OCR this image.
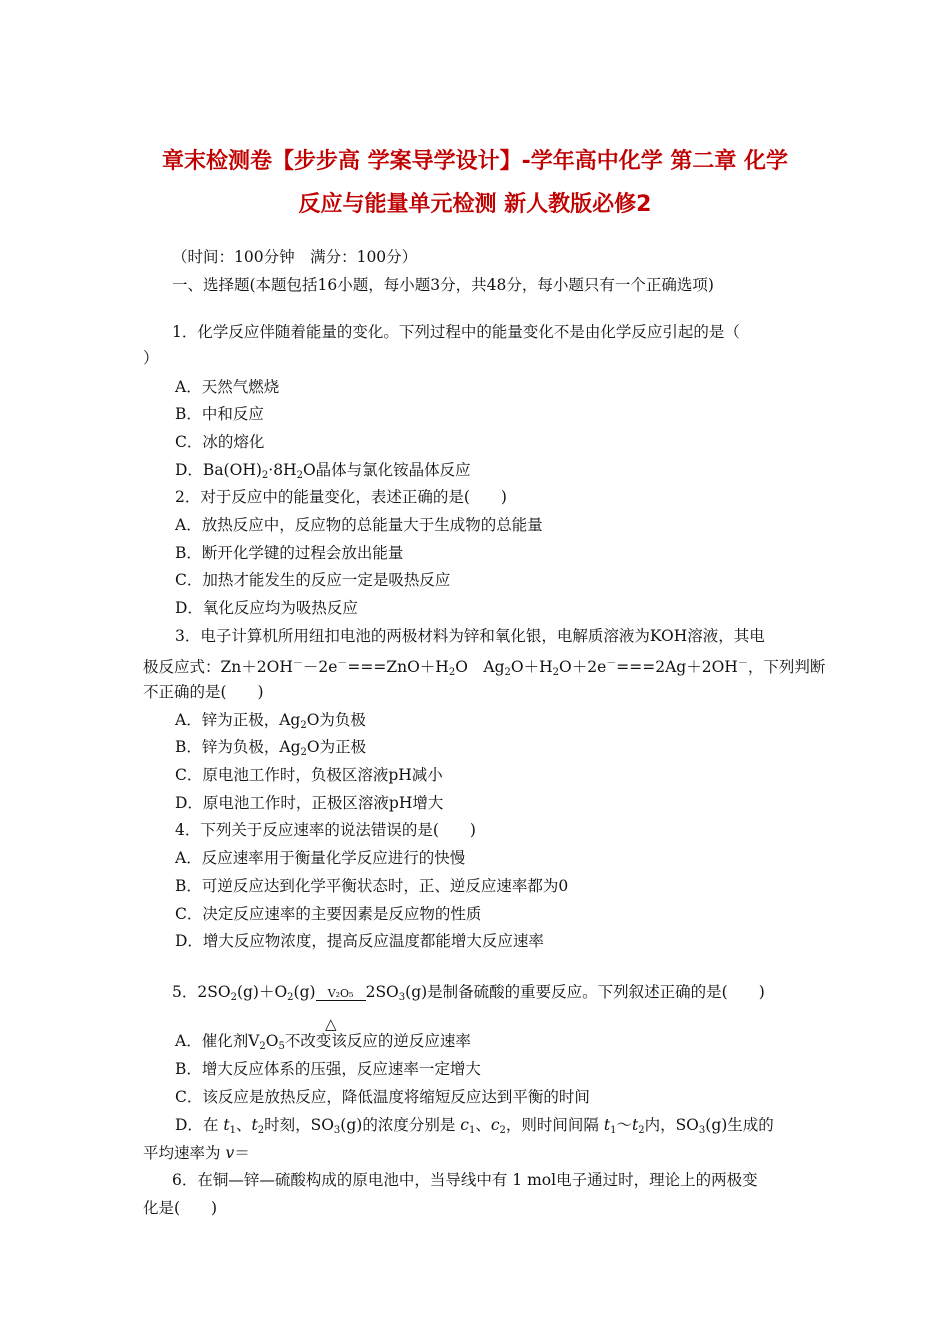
章末检测卷【步步高 学案导学设计】-学年高中化学 第二章 化学
反应与能量单元检测 新人教版必修2
（时间：100分钟　满分：100分）
一、选择题(本题包括16小题，每小题3分，共48分，每小题只有一个正确选项)
1．化学反应伴随着能量的变化。下列过程中的能量变化不是由化学反应引起的是（
）
A．天然气燃烧
B．中和反应
C．冰的熔化
D．$Ba(OH)_2\cdot 8H_2O$晶体与氯化铵晶体反应
2．对于反应中的能量变化，表述正确的是(　　)
A．放热反应中，反应物的总能量大于生成物的总能量
B．断开化学键的过程会放出能量
C．加热才能发生的反应一定是吸热反应
D．氧化反应均为吸热反应
3．电子计算机所用纽扣电池的两极材料为锌和氧化银，电解质溶液为KOH溶液，其电
极反应式：$Zn+2OH^--2e^-===ZnO+H_2O$　$Ag_2O+H_2O+2e^-===2Ag+2OH^-$，下列判断
不正确的是(　　)
A．锌为正极，$Ag_2O$为负极
B．锌为负极，$Ag_2O$为正极
C．原电池工作时，负极区溶液pH减小
D．原电池工作时，正极区溶液pH增大
4．下列关于反应速率的说法错误的是(　　)
A．反应速率用于衡量化学反应进行的快慢
B．可逆反应达到化学平衡状态时，正、逆反应速率都为0
C．决定反应速率的主要因素是反应物的性质
D．增大反应物浓度，提高反应温度都能增大反应速率
5．$2SO_2(g)+O_2(g)$	V₂O₅ $2SO_3(g)$是制备硫酸的重要反应。下列叙述正确的是(　　)
△
A．催化剂$V_2O_5$不改变该反应的逆反应速率
B．增大反应体系的压强，反应速率一定增大
C．该反应是放热反应，降低温度将缩短反应达到平衡的时间
D．在 $t_1$、$t_2$时刻，$SO_3(g)$的浓度分别是 $c_1$、$c_2$，则时间间隔 $t_1\sim t_2$内，$SO_3(g)$生成的
平均速率为 v＝
6．在铜—锌—硫酸构成的原电池中，当导线中有 1 mol电子通过时，理论上的两极变
化是(　　)
